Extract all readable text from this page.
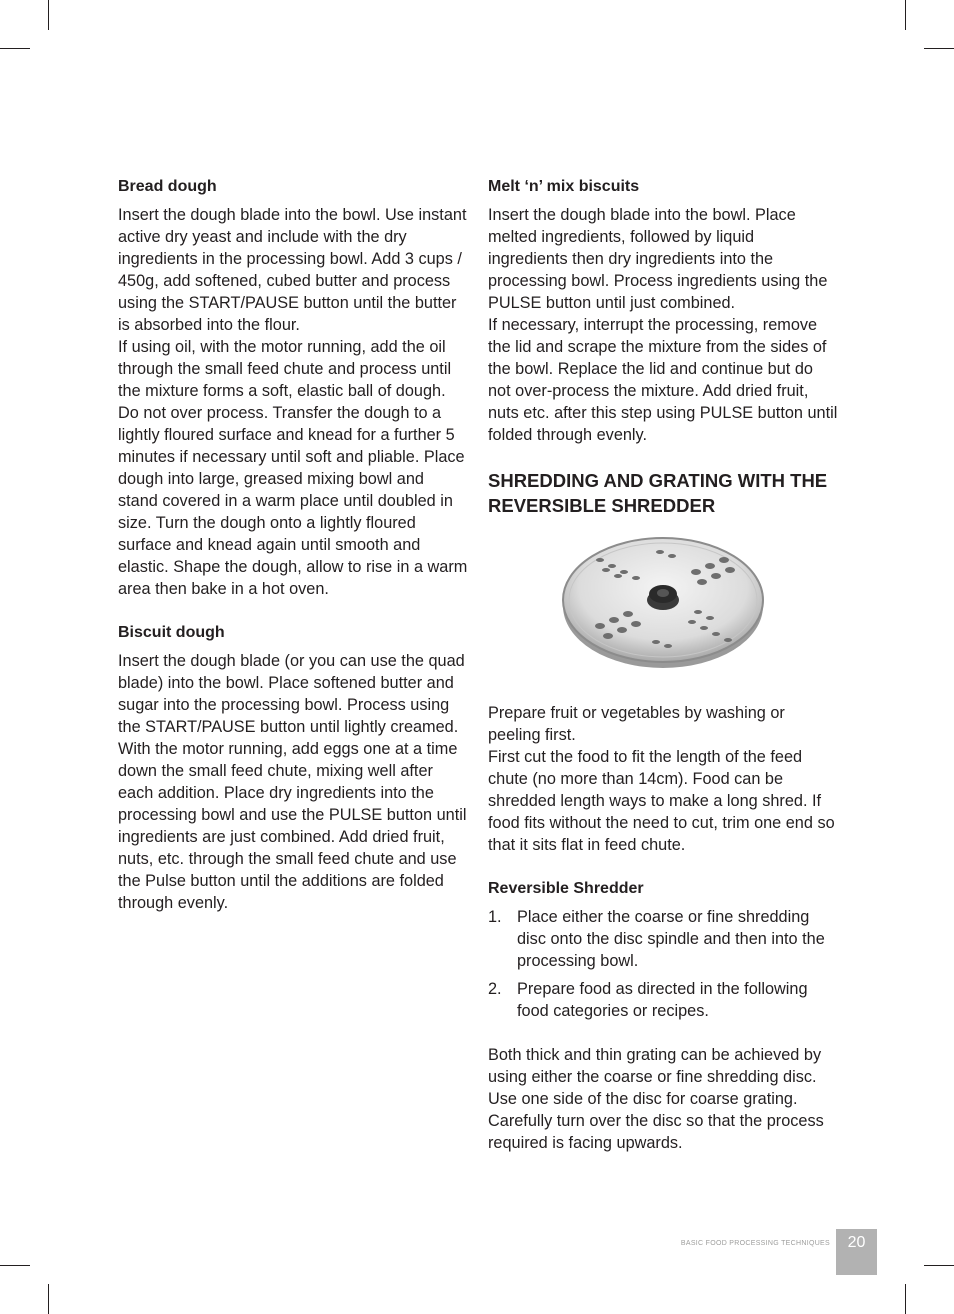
Bread dough

Insert the dough blade into the bowl. Use instant active dry yeast and include with the dry ingredients in the processing bowl. Add 3 cups / 450g, add softened, cubed butter and process using the START/PAUSE button until the butter is absorbed into the flour.

If using oil, with the motor running, add the oil through the small feed chute and process until the mixture forms a soft, elastic ball of dough. Do not over process. Transfer the dough to a lightly floured surface and knead for a further 5 minutes if necessary until soft and pliable. Place dough into large, greased mixing bowl and stand covered in a warm place until doubled in size. Turn the dough onto a lightly floured surface and knead again until smooth and elastic. Shape the dough, allow to rise in a warm area then bake in a hot oven.

Biscuit dough

Insert the dough blade (or you can use the quad blade) into the bowl. Place softened butter and sugar into the processing bowl. Process using the START/PAUSE button until lightly creamed. With the motor running, add eggs one at a time down the small feed chute, mixing well after each addition. Place dry ingredients into the processing bowl and use the PULSE button until ingredients are just combined. Add dried fruit, nuts, etc. through the small feed chute and use the Pulse button until the additions are folded through evenly.

Melt ‘n’ mix biscuits

Insert the dough blade into the bowl. Place melted ingredients, followed by liquid ingredients then dry ingredients into the processing bowl. Process ingredients using the PULSE button until just combined.

If necessary, interrupt the processing, remove the lid and scrape the mixture from the sides of the bowl. Replace the lid and continue but do not over-process the mixture. Add dried fruit, nuts etc. after this step using PULSE button until folded through evenly.

SHREDDING AND GRATING WITH THE REVERSIBLE SHREDDER

Prepare fruit or vegetables by washing or peeling first.

First cut the food to fit the length of the feed chute (no more than 14cm). Food can be shredded length ways to make a long shred. If food fits without the need to cut, trim one end so that it sits flat in feed chute.

Reversible Shredder
1. Place either the coarse or fine shredding disc onto the disc spindle and then into the processing bowl.
2. Prepare food as directed in the following food categories or recipes.

Both thick and thin grating can be achieved by using either the coarse or fine shredding disc. Use one side of the disc for coarse grating. Carefully turn over the disc so that the process required is facing upwards.

BASIC FOOD PROCESSING TECHNIQUES	20
